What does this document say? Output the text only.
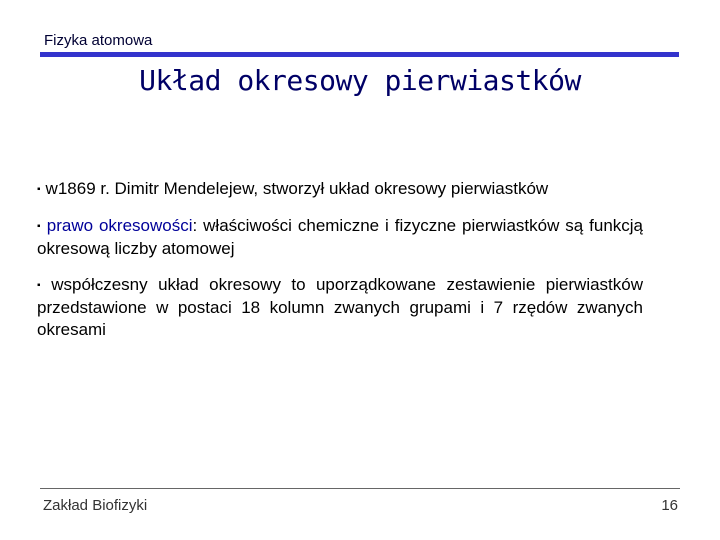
Fizyka atomowa
Układ okresowy pierwiastków

▪ w1869 r. Dimitr Mendelejew, stworzył układ okresowy pierwiastków

▪ prawo okresowości: właściwości chemiczne i fizyczne pierwiastków są funkcją okresową liczby atomowej

▪ współczesny układ okresowy to uporządkowane zestawienie pierwiastków przedstawione w postaci 18 kolumn zwanych grupami i 7 rzędów zwanych okresami

Zakład Biofizyki	16
